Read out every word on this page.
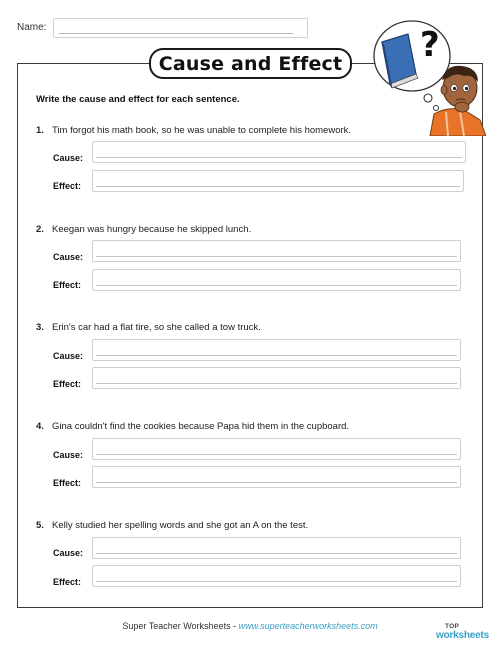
Name:
Cause and Effect ?
Write the cause and effect for each sentence.
1. Tim forgot his math book, so he was unable to complete his homework.
Cause:
Effect:
2. Keegan was hungry because he skipped lunch.
Cause:
Effect:
3. Erin's car had a flat tire, so she called a tow truck.
Cause:
Effect:
4. Gina couldn't find the cookies because Papa hid them in the cupboard.
Cause:
Effect:
5. Kelly studied her spelling words and she got an A on the test.
Cause:
Effect:
Super Teacher Worksheets - www.superteacherworksheets.com	TOP
worksheets
